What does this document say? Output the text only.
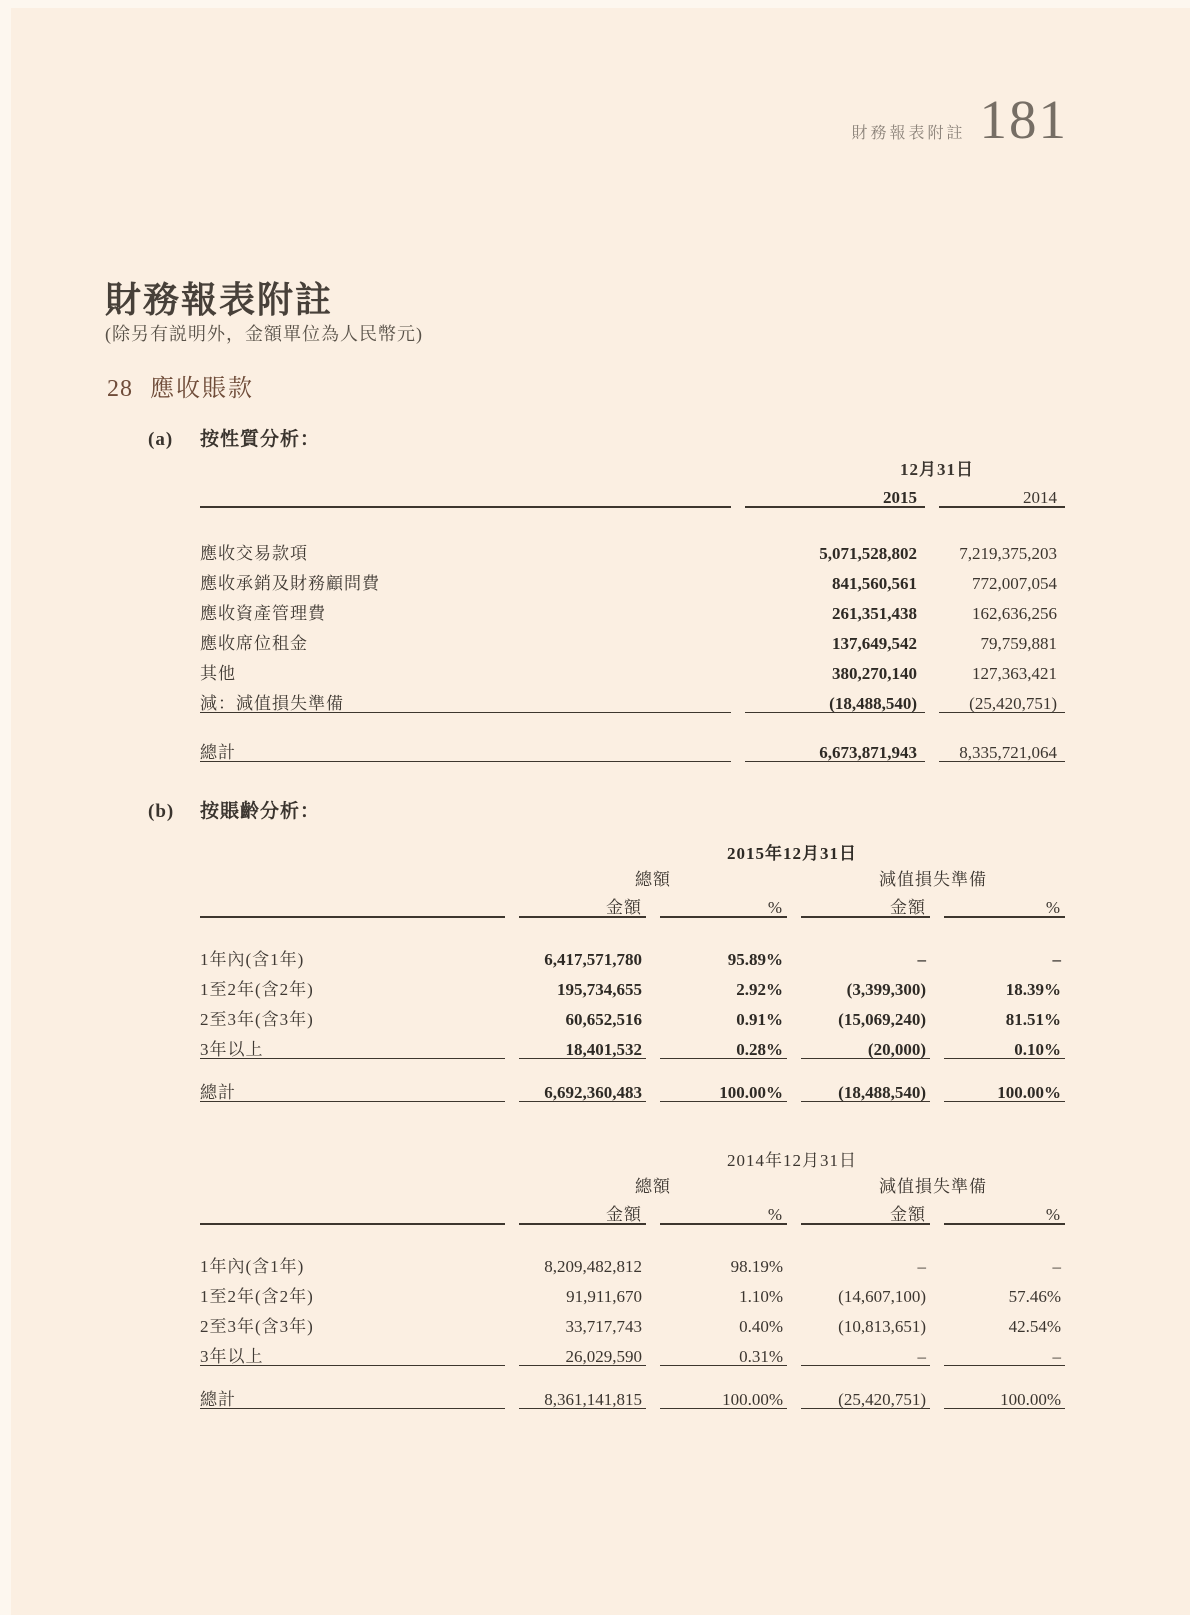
財務報表附註 181
財務報表附註
(除另有説明外，金額單位為人民幣元)
28 應收賬款
(a) 按性質分析：
	12月31日	
	2015	2014
應收交易款項	5,071,528,802	7,219,375,203
應收承銷及財務顧問費	841,560,561	772,007,054
應收資產管理費	261,351,438	162,636,256
應收席位租金	137,649,542	79,759,881
其他	380,270,140	127,363,421
減：減值損失準備	(18,488,540)	(25,420,751)
總計	6,673,871,943	8,335,721,064
(b) 按賬齡分析：
	2015年12月31日			
	總額		減值損失準備	
	金額	%	金額	%
1年內(含1年)	6,417,571,780	95.89%	–	–
1至2年(含2年)	195,734,655	2.92%	(3,399,300)	18.39%
2至3年(含3年)	60,652,516	0.91%	(15,069,240)	81.51%
3年以上	18,401,532	0.28%	(20,000)	0.10%
總計	6,692,360,483	100.00%	(18,488,540)	100.00%
	2014年12月31日			
	總額		減值損失準備	
	金額	%	金額	%
1年內(含1年)	8,209,482,812	98.19%	–	–
1至2年(含2年)	91,911,670	1.10%	(14,607,100)	57.46%
2至3年(含3年)	33,717,743	0.40%	(10,813,651)	42.54%
3年以上	26,029,590	0.31%	–	–
總計	8,361,141,815	100.00%	(25,420,751)	100.00%
